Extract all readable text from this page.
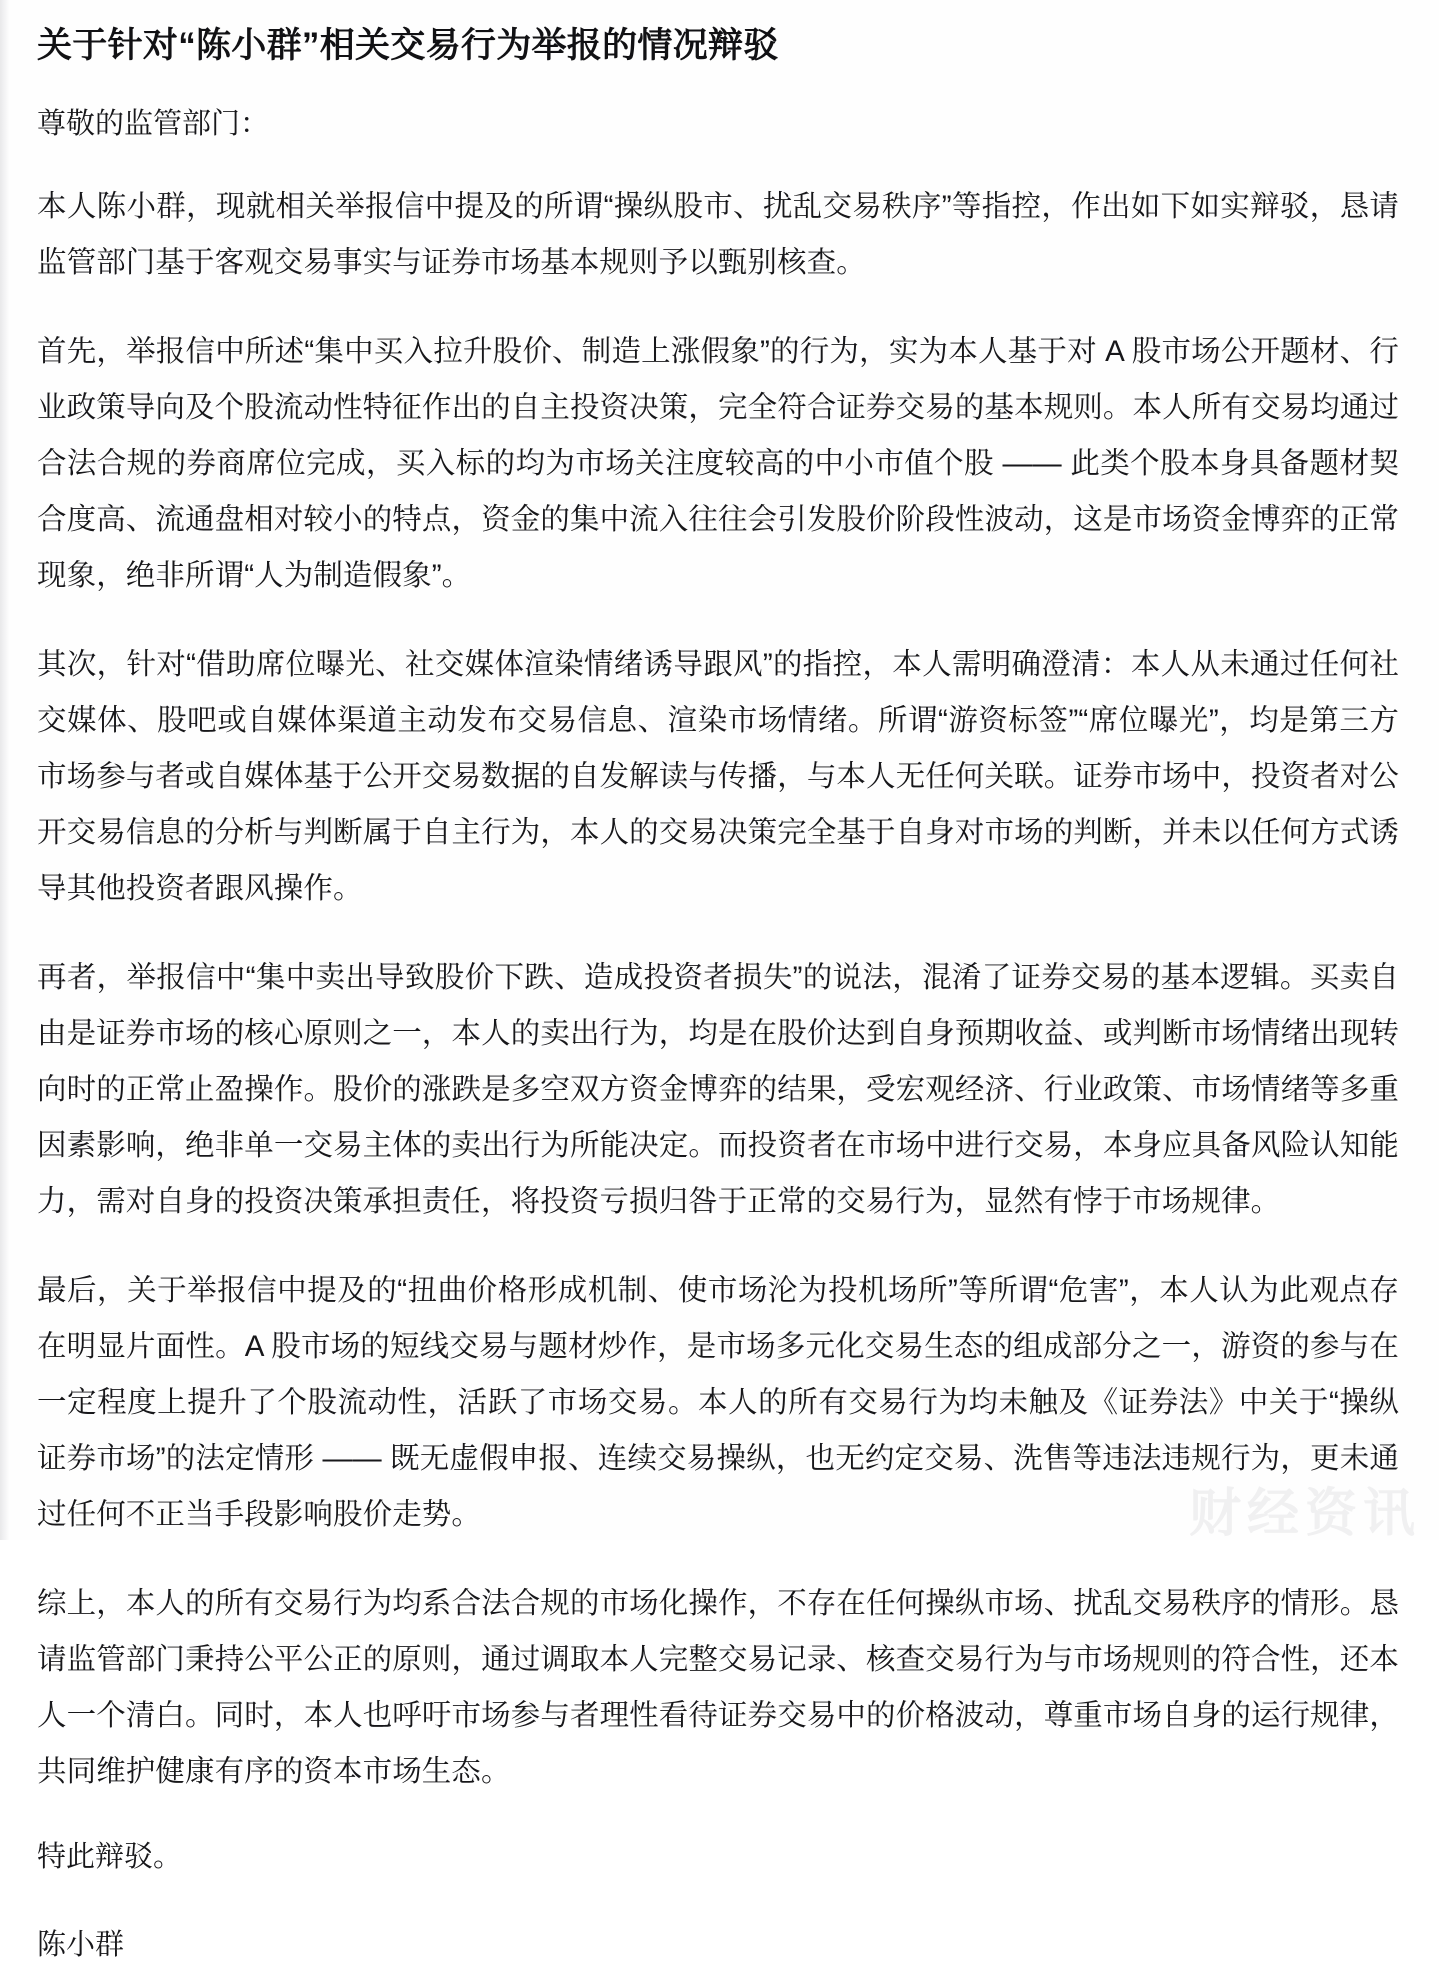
关于针对“陈小群”相关交易行为举报的情况辩驳

尊敬的监管部门：

本人陈小群，现就相关举报信中提及的所谓“操纵股市、扰乱交易秩序”等指控，作出如下如实辩驳，恳请监管部门基于客观交易事实与证券市场基本规则予以甄别核查。

首先，举报信中所述“集中买入拉升股价、制造上涨假象”的行为，实为本人基于对 A 股市场公开题材、行业政策导向及个股流动性特征作出的自主投资决策，完全符合证券交易的基本规则。本人所有交易均通过合法合规的券商席位完成，买入标的均为市场关注度较高的中小市值个股 —— 此类个股本身具备题材契合度高、流通盘相对较小的特点，资金的集中流入往往会引发股价阶段性波动，这是市场资金博弈的正常现象，绝非所谓“人为制造假象”。

其次，针对“借助席位曝光、社交媒体渲染情绪诱导跟风”的指控，本人需明确澄清：本人从未通过任何社交媒体、股吧或自媒体渠道主动发布交易信息、渲染市场情绪。所谓“游资标签”“席位曝光”，均是第三方市场参与者或自媒体基于公开交易数据的自发解读与传播，与本人无任何关联。证券市场中，投资者对公开交易信息的分析与判断属于自主行为，本人的交易决策完全基于自身对市场的判断，并未以任何方式诱导其他投资者跟风操作。

再者，举报信中“集中卖出导致股价下跌、造成投资者损失”的说法，混淆了证券交易的基本逻辑。买卖自由是证券市场的核心原则之一，本人的卖出行为，均是在股价达到自身预期收益、或判断市场情绪出现转向时的正常止盈操作。股价的涨跌是多空双方资金博弈的结果，受宏观经济、行业政策、市场情绪等多重因素影响，绝非单一交易主体的卖出行为所能决定。而投资者在市场中进行交易，本身应具备风险认知能力，需对自身的投资决策承担责任，将投资亏损归咎于正常的交易行为，显然有悖于市场规律。

最后，关于举报信中提及的“扭曲价格形成机制、使市场沦为投机场所”等所谓“危害”，本人认为此观点存在明显片面性。A 股市场的短线交易与题材炒作，是市场多元化交易生态的组成部分之一，游资的参与在一定程度上提升了个股流动性，活跃了市场交易。本人的所有交易行为均未触及《证券法》中关于“操纵证券市场”的法定情形 —— 既无虚假申报、连续交易操纵，也无约定交易、洗售等违法违规行为，更未通过任何不正当手段影响股价走势。

综上，本人的所有交易行为均系合法合规的市场化操作，不存在任何操纵市场、扰乱交易秩序的情形。恳请监管部门秉持公平公正的原则，通过调取本人完整交易记录、核查交易行为与市场规则的符合性，还本人一个清白。同时，本人也呼吁市场参与者理性看待证券交易中的价格波动，尊重市场自身的运行规律，共同维护健康有序的资本市场生态。

特此辩驳。

陈小群

财经资讯
